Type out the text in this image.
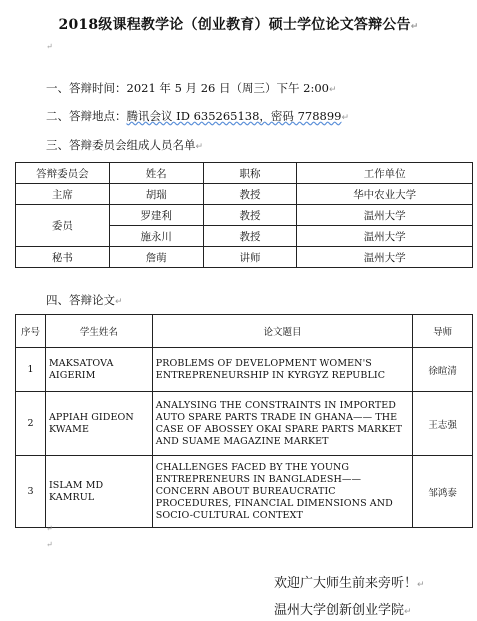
2018级课程教学论（创业教育）硕士学位论文答辩公告↵
↵
一、答辩时间：2021 年 5 月 26 日（周三）下午 2:00↵
二、答辩地点：腾讯会议 ID 635265138，密码 778899↵
三、答辩委员会组成人员名单↵
答辩委员会	姓名	职称	工作单位
主席	胡瑞	教授	华中农业大学
委员	罗建利	教授	温州大学
	施永川	教授	温州大学
秘书	詹萌	讲师	温州大学
四、答辩论文↵
序号	学生姓名	论文题目	导师
1	MAKSATOVA AIGERIM	PROBLEMS OF DEVELOPMENT WOMEN'S ENTREPRENEURSHIP IN KYRGYZ REPUBLIC	徐暄清
2	APPIAH GIDEON KWAME	ANALYSING THE CONSTRAINTS IN IMPORTED AUTO SPARE PARTS TRADE IN GHANA—— THE CASE OF ABOSSEY OKAI SPARE PARTS MARKET AND SUAME MAGAZINE MARKET	王志强
3	ISLAM MD KAMRUL	CHALLENGES FACED BY THE YOUNG ENTREPRENEURS IN BANGLADESH—— CONCERN ABOUT BUREAUCRATIC PROCEDURES, FINANCIAL DIMENSIONS AND SOCIO-CULTURAL CONTEXT	邹鸿泰
↵
↵
欢迎广大师生前来旁听！↵
温州大学创新创业学院↵
